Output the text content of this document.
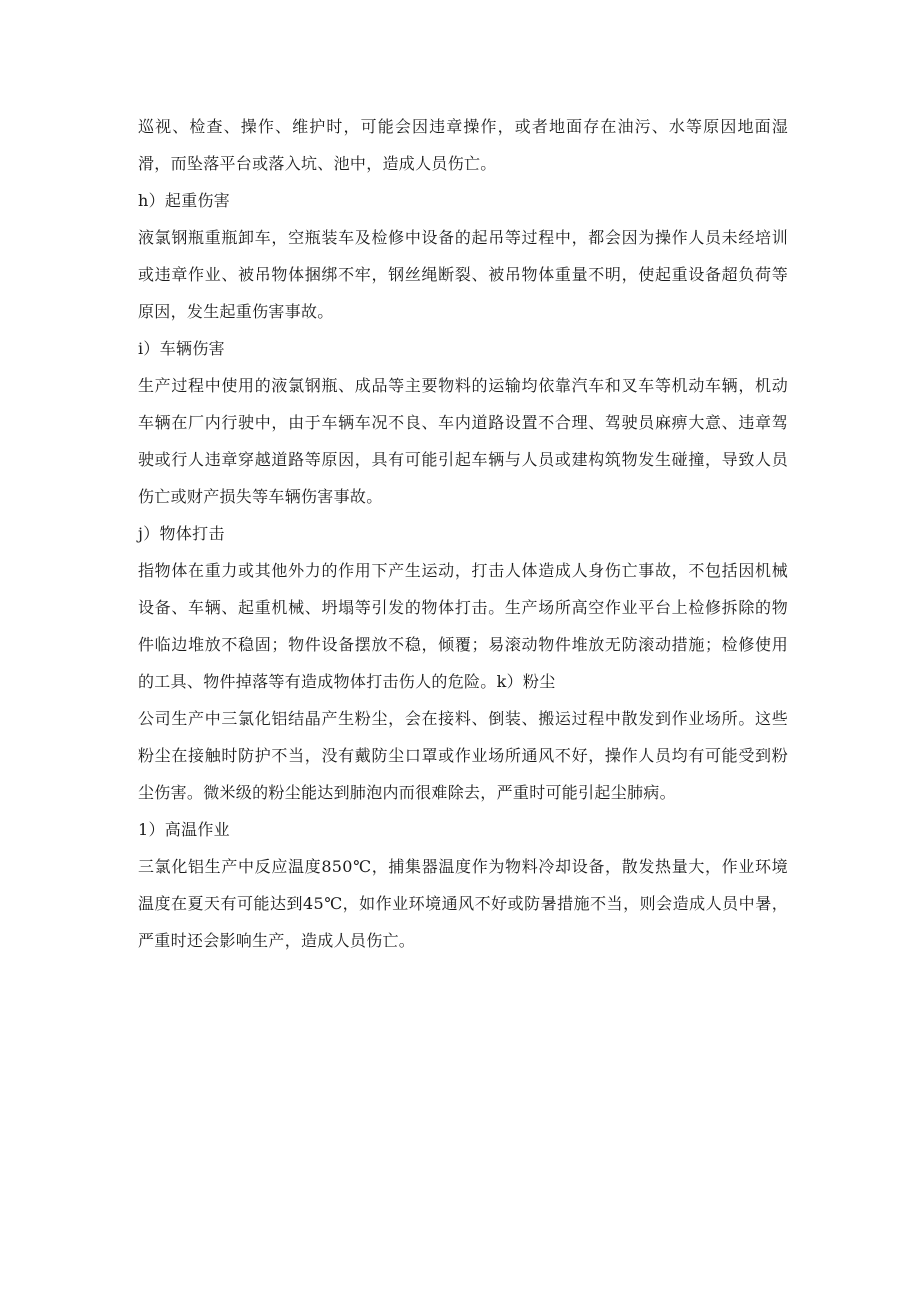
巡视、检查、操作、维护时，可能会因违章操作，或者地面存在油污、水等原因地面湿滑，而坠落平台或落入坑、池中，造成人员伤亡。

h）起重伤害

液氯钢瓶重瓶卸车，空瓶装车及检修中设备的起吊等过程中，都会因为操作人员未经培训或违章作业、被吊物体捆绑不牢，钢丝绳断裂、被吊物体重量不明，使起重设备超负荷等原因，发生起重伤害事故。

i）车辆伤害

生产过程中使用的液氯钢瓶、成品等主要物料的运输均依靠汽车和叉车等机动车辆，机动车辆在厂内行驶中，由于车辆车况不良、车内道路设置不合理、驾驶员麻痹大意、违章驾驶或行人违章穿越道路等原因，具有可能引起车辆与人员或建构筑物发生碰撞，导致人员伤亡或财产损失等车辆伤害事故。

j）物体打击

指物体在重力或其他外力的作用下产生运动，打击人体造成人身伤亡事故，不包括因机械设备、车辆、起重机械、坍塌等引发的物体打击。生产场所高空作业平台上检修拆除的物件临边堆放不稳固；物件设备摆放不稳，倾覆；易滚动物件堆放无防滚动措施；检修使用的工具、物件掉落等有造成物体打击伤人的危险。k）粉尘

公司生产中三氯化铝结晶产生粉尘，会在接料、倒装、搬运过程中散发到作业场所。这些粉尘在接触时防护不当，没有戴防尘口罩或作业场所通风不好，操作人员均有可能受到粉尘伤害。微米级的粉尘能达到肺泡内而很难除去，严重时可能引起尘肺病。

1）高温作业

三氯化铝生产中反应温度850℃，捕集器温度作为物料冷却设备，散发热量大，作业环境温度在夏天有可能达到45℃，如作业环境通风不好或防暑措施不当，则会造成人员中暑，严重时还会影响生产，造成人员伤亡。
